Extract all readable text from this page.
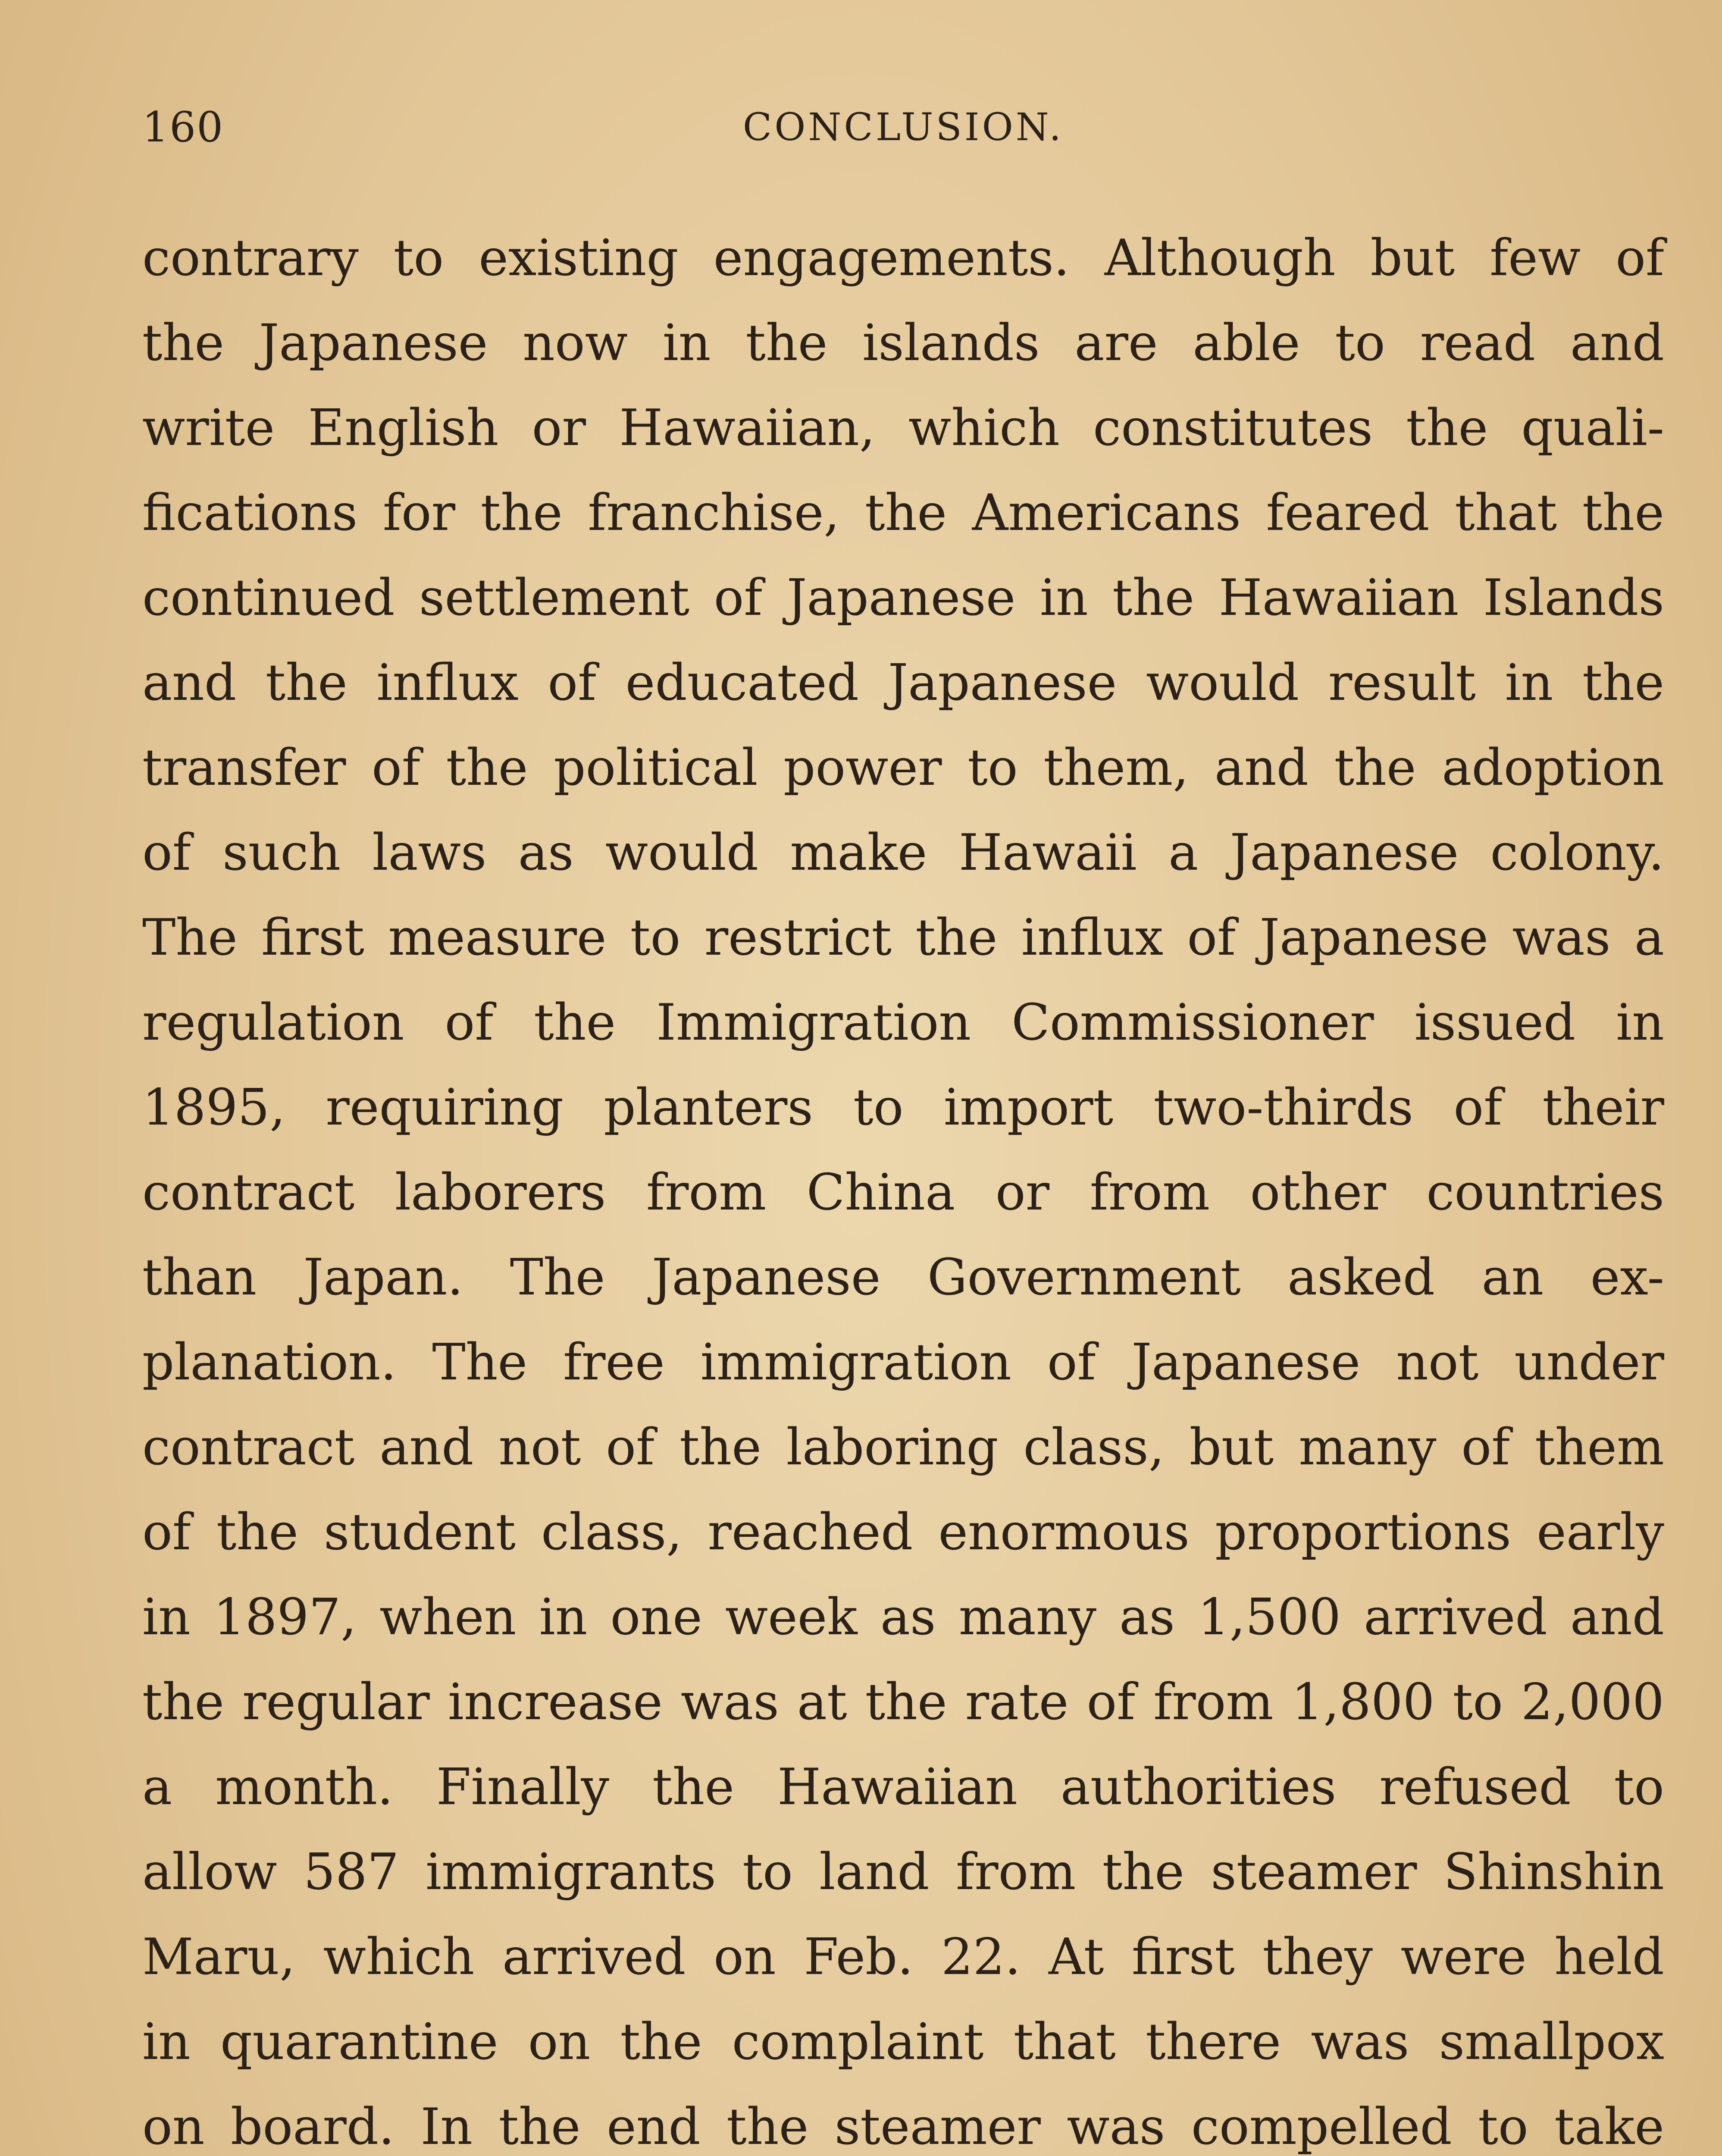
160	CONCLUSION.
contrary to existing engagements. Although but few of
the Japanese now in the islands are able to read and
write English or Hawaiian, which constitutes the quali-
fications for the franchise, the Americans feared that the
continued settlement of Japanese in the Hawaiian Islands
and the influx of educated Japanese would result in the
transfer of the political power to them, and the adoption
of such laws as would make Hawaii a Japanese colony.
The first measure to restrict the influx of Japanese was a
regulation of the Immigration Commissioner issued in
1895, requiring planters to import two-thirds of their
contract laborers from China or from other countries
than Japan. The Japanese Government asked an ex-
planation. The free immigration of Japanese not under
contract and not of the laboring class, but many of them
of the student class, reached enormous proportions early
in 1897, when in one week as many as 1,500 arrived and
the regular increase was at the rate of from 1,800 to 2,000
a month. Finally the Hawaiian authorities refused to
allow 587 immigrants to land from the steamer Shinshin
Maru, which arrived on Feb. 22. At first they were held
in quarantine on the complaint that there was smallpox
on board. In the end the steamer was compelled to take
